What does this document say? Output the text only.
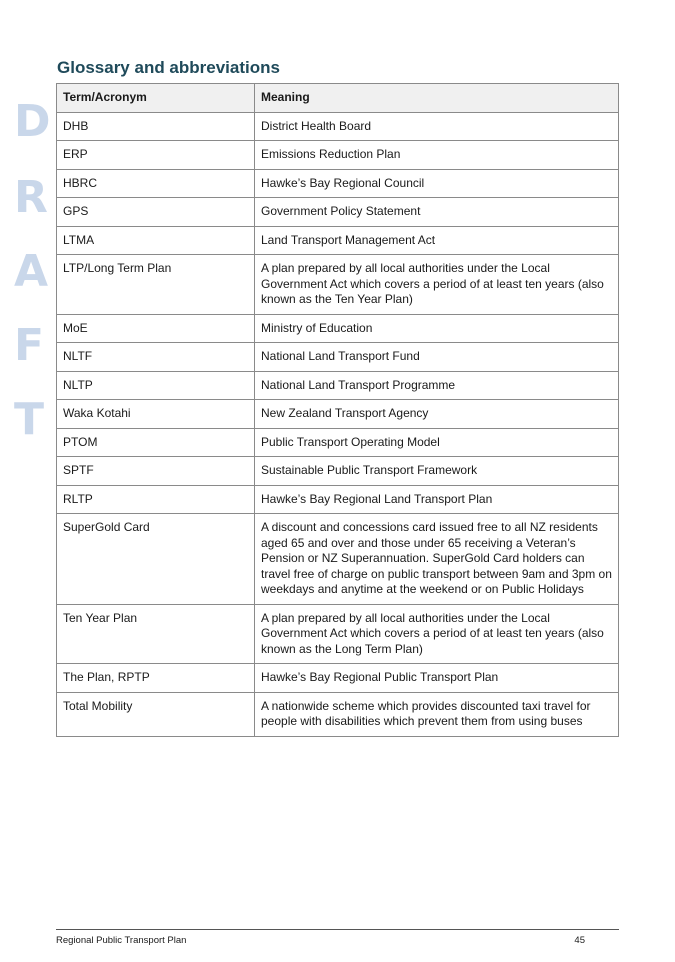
D
R
A
F
T
Glossary and abbreviations
Term/Acronym	Meaning
DHB	District Health Board
ERP	Emissions Reduction Plan
HBRC	Hawke’s Bay Regional Council
GPS	Government Policy Statement
LTMA	Land Transport Management Act
LTP/Long Term Plan	A plan prepared by all local authorities under the Local Government Act which covers a period of at least ten years (also known as the Ten Year Plan)
MoE	Ministry of Education
NLTF	National Land Transport Fund
NLTP	National Land Transport Programme
Waka Kotahi	New Zealand Transport Agency
PTOM	Public Transport Operating Model
SPTF	Sustainable Public Transport Framework
RLTP	Hawke’s Bay Regional Land Transport Plan
SuperGold Card	A discount and concessions card issued free to all NZ residents aged 65 and over and those under 65 receiving a Veteran’s Pension or NZ Superannuation. SuperGold Card holders can travel free of charge on public transport between 9am and 3pm on weekdays and anytime at the weekend or on Public Holidays
Ten Year Plan	A plan prepared by all local authorities under the Local Government Act which covers a period of at least ten years (also known as the Long Term Plan)
The Plan, RPTP	Hawke’s Bay Regional Public Transport Plan
Total Mobility	A nationwide scheme which provides discounted taxi travel for people with disabilities which prevent them from using buses
Regional Public Transport Plan	45
